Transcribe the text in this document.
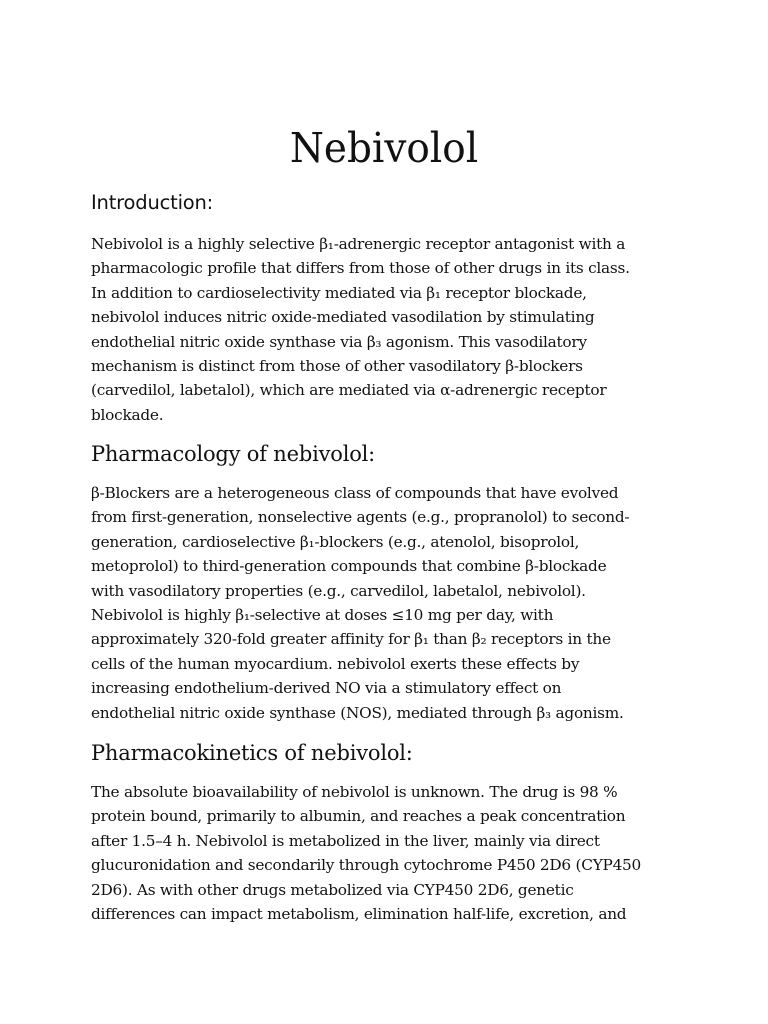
Nebivolol
Introduction:
Nebivolol is a highly selective β₁-adrenergic receptor antagonist with a
pharmacologic profile that differs from those of other drugs in its class.
In addition to cardioselectivity mediated via β₁ receptor blockade,
nebivolol induces nitric oxide-mediated vasodilation by stimulating
endothelial nitric oxide synthase via β₃ agonism. This vasodilatory
mechanism is distinct from those of other vasodilatory β-blockers
(carvedilol, labetalol), which are mediated via α-adrenergic receptor
blockade.
Pharmacology of nebivolol:
β-Blockers are a heterogeneous class of compounds that have evolved
from first-generation, nonselective agents (e.g., propranolol) to second-
generation, cardioselective β₁-blockers (e.g., atenolol, bisoprolol,
metoprolol) to third-generation compounds that combine β-blockade
with vasodilatory properties (e.g., carvedilol, labetalol, nebivolol).
Nebivolol is highly β₁-selective at doses ≤10 mg per day, with
approximately 320-fold greater affinity for β₁ than β₂ receptors in the
cells of the human myocardium. nebivolol exerts these effects by
increasing endothelium-derived NO via a stimulatory effect on
endothelial nitric oxide synthase (NOS), mediated through β₃ agonism.
Pharmacokinetics of nebivolol:
The absolute bioavailability of nebivolol is unknown. The drug is 98 %
protein bound, primarily to albumin, and reaches a peak concentration
after 1.5–4 h. Nebivolol is metabolized in the liver, mainly via direct
glucuronidation and secondarily through cytochrome P450 2D6 (CYP450
2D6). As with other drugs metabolized via CYP450 2D6, genetic
differences can impact metabolism, elimination half-life, excretion, and
